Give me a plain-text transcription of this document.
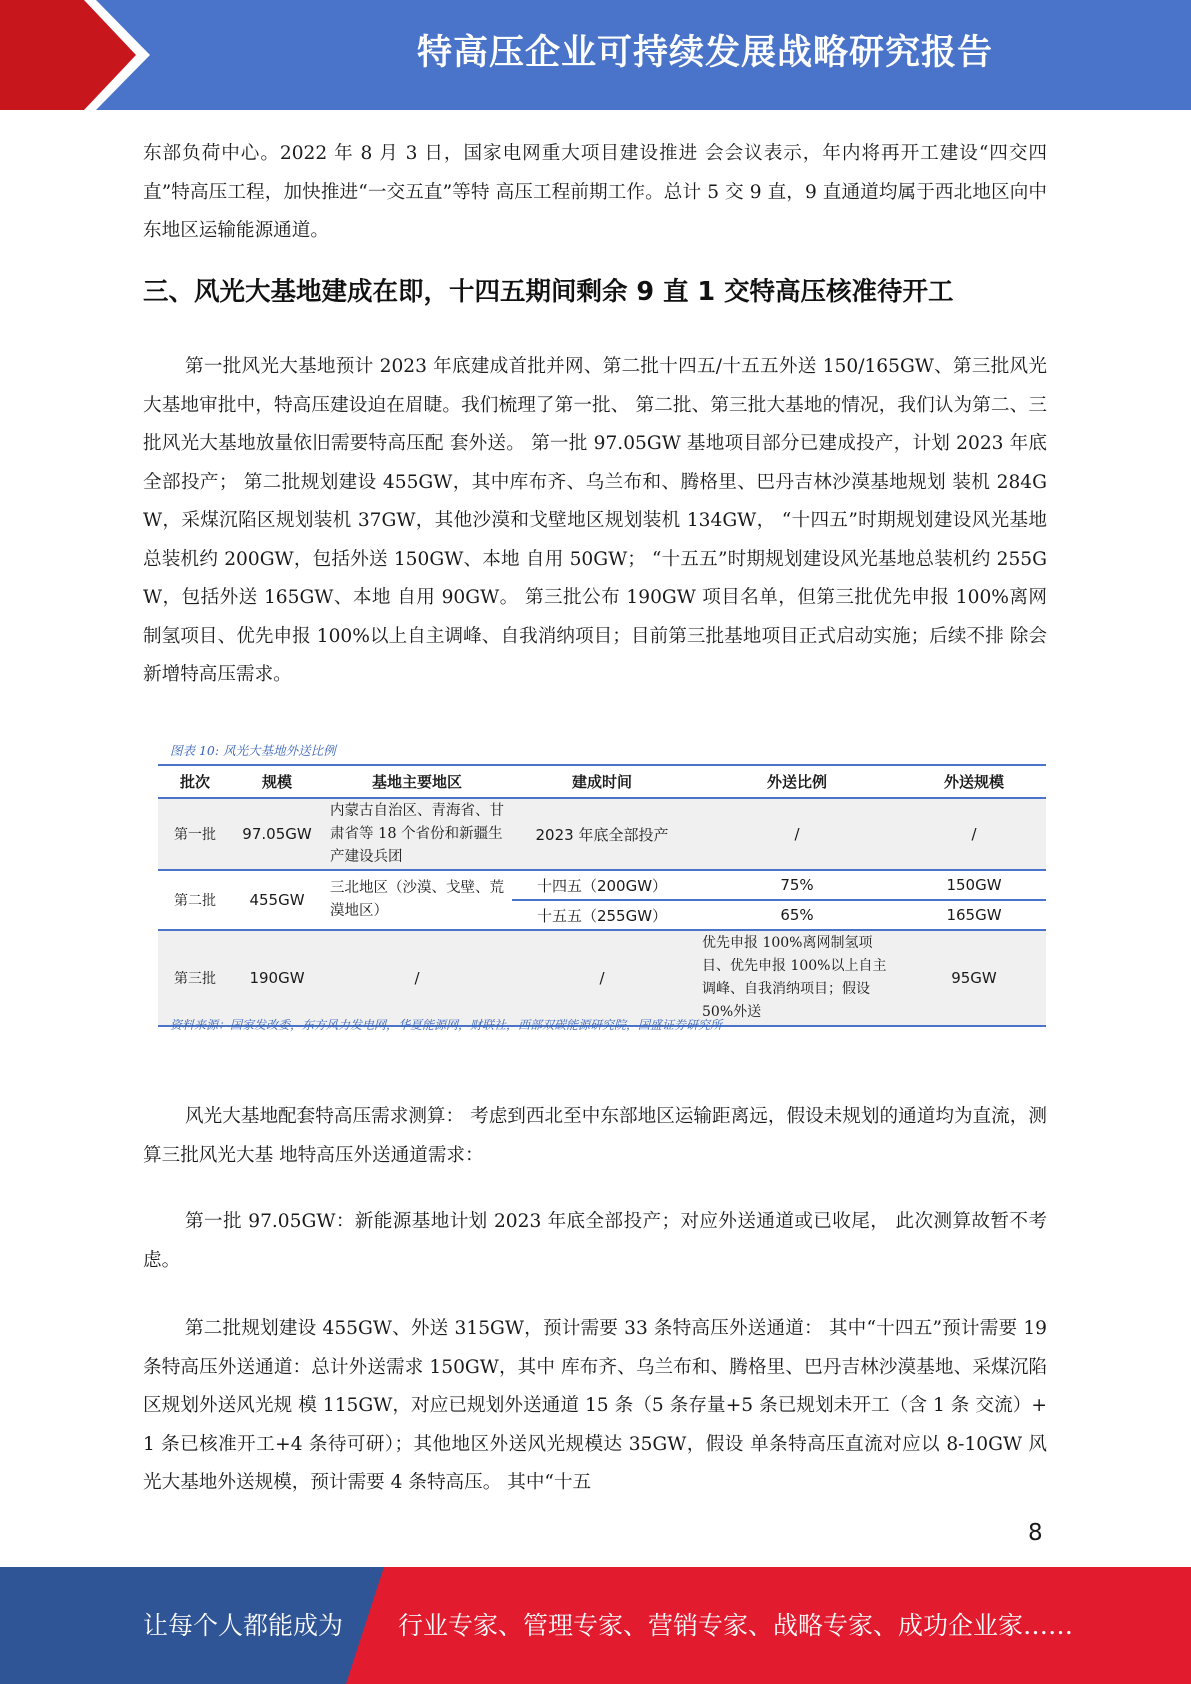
特高压企业可持续发展战略研究报告

东部负荷中心。2022 年 8 月 3 日，国家电网重大项目建设推进 会会议表示，年内将再开工建设“四交四直”特高压工程，加快推进“一交五直”等特 高压工程前期工作。总计 5 交 9 直，9 直通道均属于西北地区向中东地区运输能源通道。

三、风光大基地建成在即，十四五期间剩余 9 直 1 交特高压核准待开工

第一批风光大基地预计 2023 年底建成首批并网、第二批十四五/十五五外送 150/165GW、第三批风光大基地审批中，特高压建设迫在眉睫。我们梳理了第一批、 第二批、第三批大基地的情况，我们认为第二、三批风光大基地放量依旧需要特高压配 套外送。 第一批 97.05GW 基地项目部分已建成投产，计划 2023 年底全部投产； 第二批规划建设 455GW，其中库布齐、乌兰布和、腾格里、巴丹吉林沙漠基地规划 装机 284GW，采煤沉陷区规划装机 37GW，其他沙漠和戈壁地区规划装机 134GW， “十四五”时期规划建设风光基地总装机约 200GW，包括外送 150GW、本地 自用 50GW； “十五五”时期规划建设风光基地总装机约 255GW，包括外送 165GW、本地 自用 90GW。 第三批公布 190GW 项目名单，但第三批优先申报 100%离网制氢项目、优先申报 100%以上自主调峰、自我消纳项目；目前第三批基地项目正式启动实施；后续不排 除会新增特高压需求。

图表 10: 风光大基地外送比例

批次	规模	基地主要地区	建成时间	外送比例	外送规模
第一批	97.05GW	内蒙古自治区、青海省、甘肃省等 18 个省份和新疆生产建设兵团	2023 年底全部投产	/	/
第二批	455GW	三北地区（沙漠、戈壁、荒漠地区）	十四五（200GW）	75%	150GW
			十五五（255GW）	65%	165GW
第三批	190GW	/	/	优先申报 100%离网制氢项目、优先申报 100%以上自主调峰、自我消纳项目；假设 50%外送	95GW

资料来源：国家发改委，东方风力发电网，华夏能源网，财联社，西部双碳能源研究院，国盛证券研究所

风光大基地配套特高压需求测算： 考虑到西北至中东部地区运输距离远，假设未规划的通道均为直流，测算三批风光大基 地特高压外送通道需求：

第一批 97.05GW：新能源基地计划 2023 年底全部投产；对应外送通道或已收尾， 此次测算故暂不考虑。

第二批规划建设 455GW、外送 315GW，预计需要 33 条特高压外送通道： 其中“十四五”预计需要 19 条特高压外送通道：总计外送需求 150GW，其中 库布齐、乌兰布和、腾格里、巴丹吉林沙漠基地、采煤沉陷区规划外送风光规 模 115GW，对应已规划外送通道 15 条（5 条存量+5 条已规划未开工（含 1 条 交流）+1 条已核准开工+4 条待可研）；其他地区外送风光规模达 35GW，假设 单条特高压直流对应以 8-10GW 风光大基地外送规模，预计需要 4 条特高压。 其中“十五

8

让每个人都能成为 行业专家、管理专家、营销专家、战略专家、成功企业家……
